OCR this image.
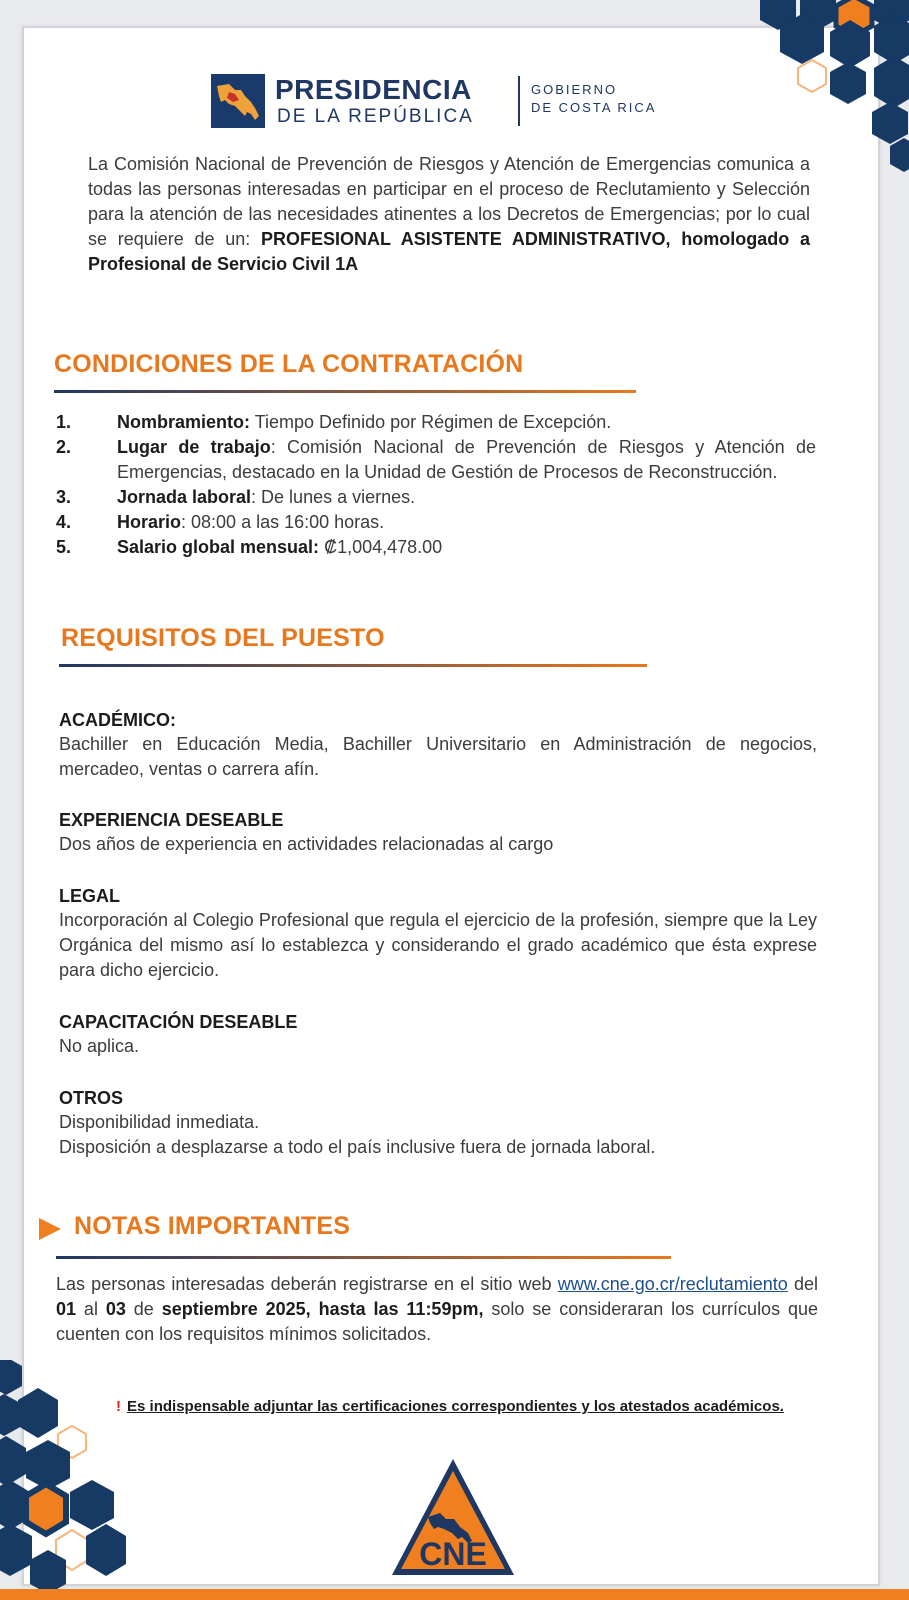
PRESIDENCIA
DE LA REPÚBLICA
GOBIERNO
DE COSTA RICA

La Comisión Nacional de Prevención de Riesgos y Atención de Emergencias comunica a todas las personas interesadas en participar en el proceso de Reclutamiento y Selección para la atención de las necesidades atinentes a los Decretos de Emergencias; por lo cual se requiere de un: PROFESIONAL ASISTENTE ADMINISTRATIVO, homologado a Profesional de Servicio Civil 1A

CONDICIONES DE LA CONTRATACIÓN
1.	Nombramiento: Tiempo Definido por Régimen de Excepción.
2.	Lugar de trabajo: Comisión Nacional de Prevención de Riesgos y Atención de Emergencias, destacado en la Unidad de Gestión de Procesos de Reconstrucción.
3.	Jornada laboral: De lunes a viernes.
4.	Horario: 08:00 a las 16:00 horas.
5.	Salario global mensual: ₡1,004,478.00
REQUISITOS DEL PUESTO
ACADÉMICO:

Bachiller en Educación Media, Bachiller Universitario en Administración de negocios, mercadeo, ventas o carrera afín.

EXPERIENCIA DESEABLE

Dos años de experiencia en actividades relacionadas al cargo

LEGAL

Incorporación al Colegio Profesional que regula el ejercicio de la profesión, siempre que la Ley Orgánica del mismo así lo establezca y considerando el grado académico que ésta exprese para dicho ejercicio.

CAPACITACIÓN DESEABLE

No aplica.

OTROS

Disponibilidad inmediata.

Disposición a desplazarse a todo el país inclusive fuera de jornada laboral.

NOTAS IMPORTANTES

Las personas interesadas deberán registrarse en el sitio web www.cne.go.cr/reclutamiento del 01 al 03 de septiembre 2025, hasta las 11:59pm, solo se consideraran los currículos que cuenten con los requisitos mínimos solicitados.

! Es indispensable adjuntar las certificaciones correspondientes y los atestados académicos.

CNE
